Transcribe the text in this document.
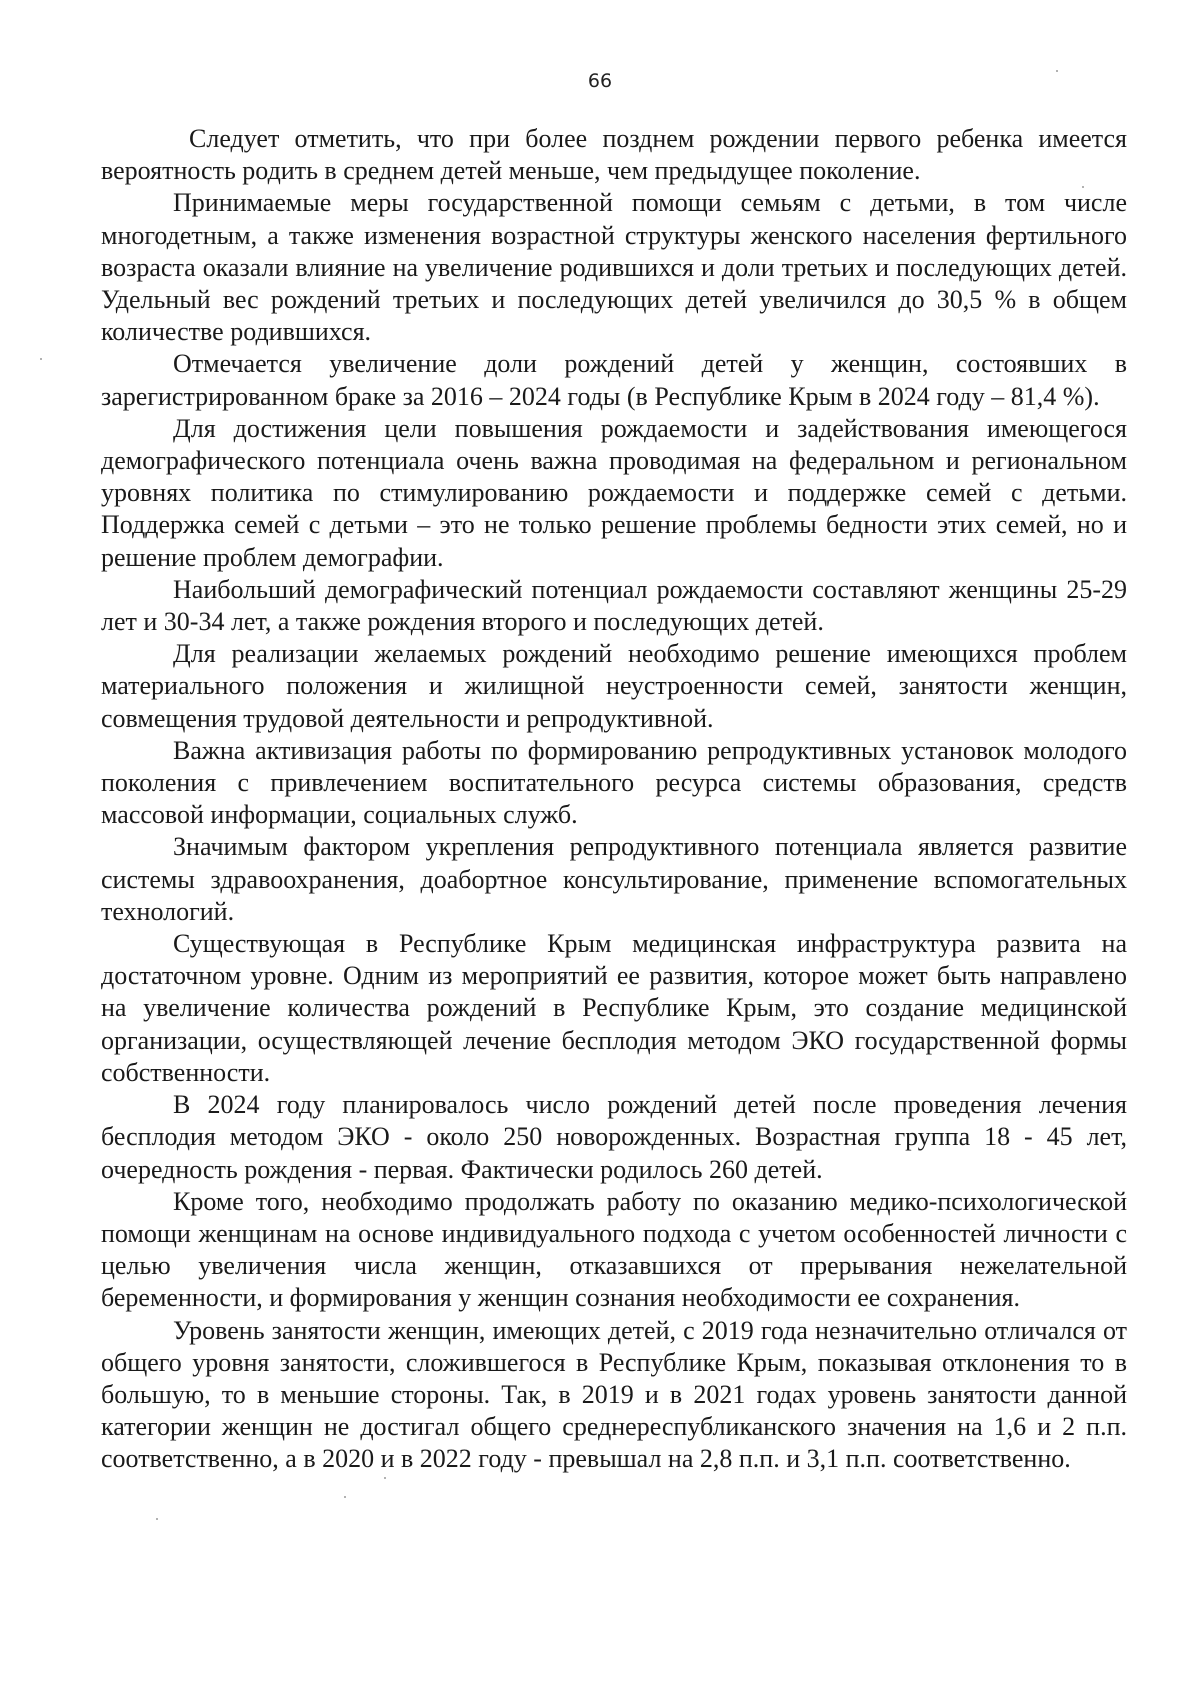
66

Следует отметить, что при более позднем рождении первого ребенка имеется вероятность родить в среднем детей меньше, чем предыдущее поколение.

Принимаемые меры государственной помощи семьям с детьми, в том числе многодетным, а также изменения возрастной структуры женского населения фертильного возраста оказали влияние на увеличение родившихся и доли третьих и последующих детей. Удельный вес рождений третьих и последующих детей увеличился до 30,5 % в общем количестве родившихся.

Отмечается увеличение доли рождений детей у женщин, состоявших в зарегистрированном браке за 2016 – 2024 годы (в Республике Крым в 2024 году – 81,4 %).

Для достижения цели повышения рождаемости и задействования имеющегося демографического потенциала очень важна проводимая на федеральном и региональном уровнях политика по стимулированию рождаемости и поддержке семей с детьми. Поддержка семей с детьми – это не только решение проблемы бедности этих семей, но и решение проблем демографии.

Наибольший демографический потенциал рождаемости составляют женщины 25-29 лет и 30-34 лет, а также рождения второго и последующих детей.

Для реализации желаемых рождений необходимо решение имеющихся проблем материального положения и жилищной неустроенности семей, занятости женщин, совмещения трудовой деятельности и репродуктивной.

Важна активизация работы по формированию репродуктивных установок молодого поколения с привлечением воспитательного ресурса системы образования, средств массовой информации, социальных служб.

Значимым фактором укрепления репродуктивного потенциала является развитие системы здравоохранения, доабортное консультирование, применение вспомогательных технологий.

Существующая в Республике Крым медицинская инфраструктура развита на достаточном уровне. Одним из мероприятий ее развития, которое может быть направлено на увеличение количества рождений в Республике Крым, это создание медицинской организации, осуществляющей лечение бесплодия методом ЭКО государственной формы собственности.

В 2024 году планировалось число рождений детей после проведения лечения бесплодия методом ЭКО - около 250 новорожденных. Возрастная группа 18 - 45 лет, очередность рождения - первая. Фактически родилось 260 детей.

Кроме того, необходимо продолжать работу по оказанию медико-психологической помощи женщинам на основе индивидуального подхода с учетом особенностей личности с целью увеличения числа женщин, отказавшихся от прерывания нежелательной беременности, и формирования у женщин сознания необходимости ее сохранения.

Уровень занятости женщин, имеющих детей, с 2019 года незначительно отличался от общего уровня занятости, сложившегося в Республике Крым, показывая отклонения то в большую, то в меньшие стороны. Так, в 2019 и в 2021 годах уровень занятости данной категории женщин не достигал общего среднереспубликанского значения на 1,6 и 2 п.п. соответственно, а в 2020 и в 2022 году - превышал на 2,8 п.п. и 3,1 п.п. соответственно.
